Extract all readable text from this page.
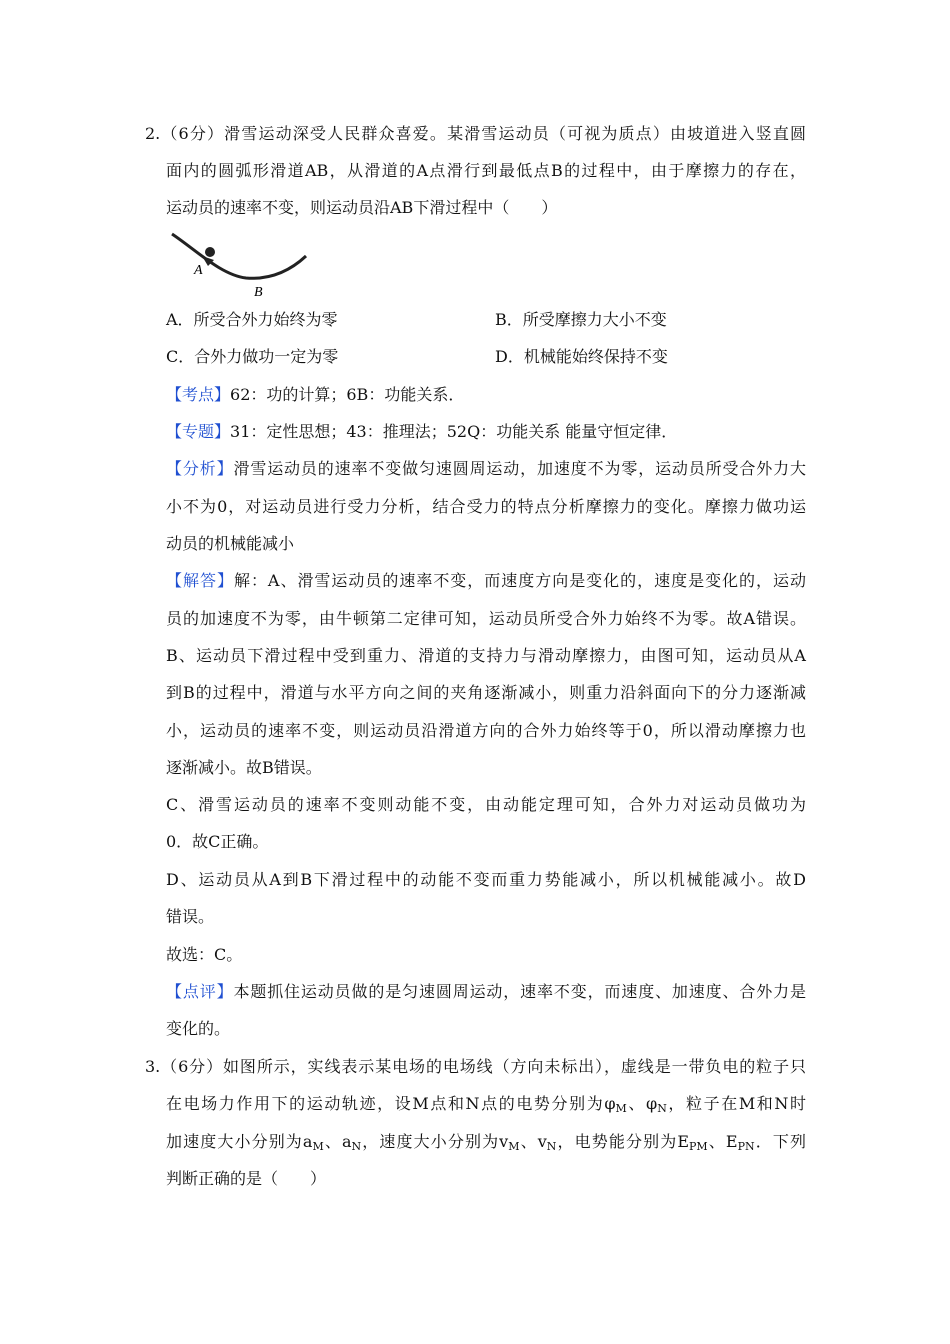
2.（6分）滑雪运动深受人民群众喜爱。某滑雪运动员（可视为质点）由坡道进入竖直圆
面内的圆弧形滑道AB，从滑道的A点滑行到最低点B的过程中，由于摩擦力的存在，
运动员的速率不变，则运动员沿AB下滑过程中（　　）
【考点】62：功的计算；6B：功能关系．
【专题】31：定性思想；43：推理法；52Q：功能关系 能量守恒定律．
【分析】滑雪运动员的速率不变做匀速圆周运动，加速度不为零，运动员所受合外力大
小不为0，对运动员进行受力分析，结合受力的特点分析摩擦力的变化。摩擦力做功运
动员的机械能减小
【解答】解：A、滑雪运动员的速率不变，而速度方向是变化的，速度是变化的，运动
员的加速度不为零，由牛顿第二定律可知，运动员所受合外力始终不为零。故A错误。
B、运动员下滑过程中受到重力、滑道的支持力与滑动摩擦力，由图可知，运动员从A
到B的过程中，滑道与水平方向之间的夹角逐渐减小，则重力沿斜面向下的分力逐渐减
小，运动员的速率不变，则运动员沿滑道方向的合外力始终等于0，所以滑动摩擦力也
逐渐减小。故B错误。
C、滑雪运动员的速率不变则动能不变，由动能定理可知，合外力对运动员做功为
0．故C正确。
D、运动员从A到B下滑过程中的动能不变而重力势能减小，所以机械能减小。故D
错误。
故选：C。
【点评】本题抓住运动员做的是匀速圆周运动，速率不变，而速度、加速度、合外力是
变化的。
3.（6分）如图所示，实线表示某电场的电场线（方向未标出），虚线是一带负电的粒子只
在电场力作用下的运动轨迹，设M点和N点的电势分别为$\varphi_M$、$\varphi_N$，粒子在M和N时
加速度大小分别为$a_M$、$a_N$，速度大小分别为$v_M$、$v_N$，电势能分别为$E_{PM}$、$E_{PN}$．下列
判断正确的是（　　）
A
B
A．所受合外力始终为零	B．所受摩擦力大小不变
C．合外力做功一定为零	D．机械能始终保持不变
